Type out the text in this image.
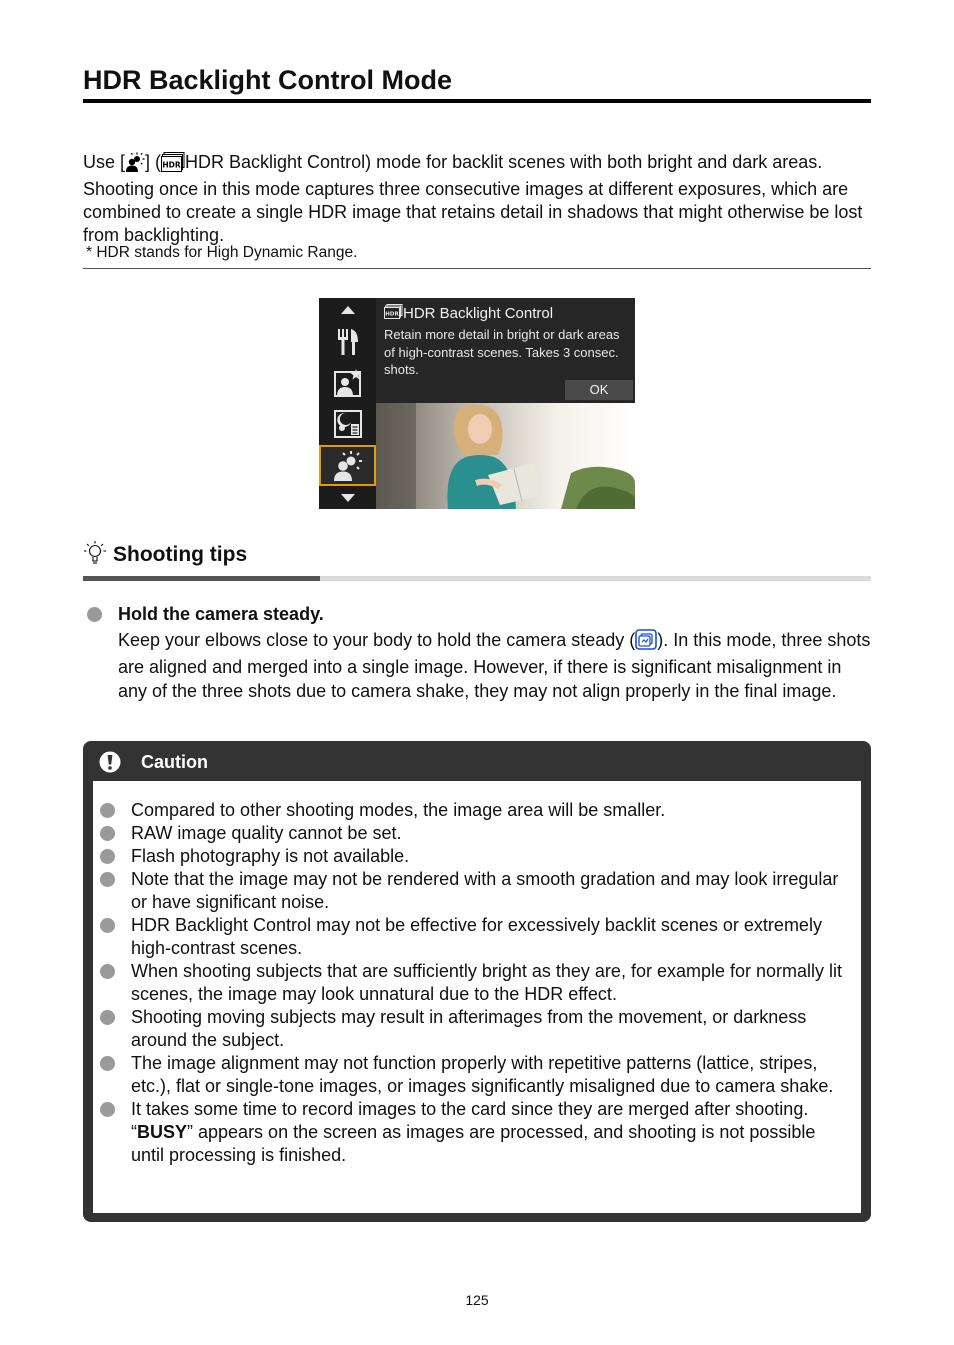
HDR Backlight Control Mode

Use [ ] ( HDR HDR Backlight Control) mode for backlit scenes with both bright and dark areas. Shooting once in this mode captures three consecutive images at different exposures, which are combined to create a single HDR image that retains detail in shadows that might otherwise be lost from backlighting.

* HDR stands for High Dynamic Range.
HDR HDR Backlight Control
Retain more detail in bright or dark areas of high-contrast scenes. Takes 3 consec. shots.
OK
Shooting tips
Hold the camera steady.
Keep your elbows close to your body to hold the camera steady ( ). In this mode, three shots are aligned and merged into a single image. However, if there is significant misalignment in any of the three shots due to camera shake, they may not align properly in the final image.
Caution
Compared to other shooting modes, the image area will be smaller.
RAW image quality cannot be set.
Flash photography is not available.
Note that the image may not be rendered with a smooth gradation and may look irregular or have significant noise.
HDR Backlight Control may not be effective for excessively backlit scenes or extremely high-contrast scenes.
When shooting subjects that are sufficiently bright as they are, for example for normally lit scenes, the image may look unnatural due to the HDR effect.
Shooting moving subjects may result in afterimages from the movement, or darkness around the subject.
The image alignment may not function properly with repetitive patterns (lattice, stripes, etc.), flat or single-tone images, or images significantly misaligned due to camera shake.
It takes some time to record images to the card since they are merged after shooting. “BUSY” appears on the screen as images are processed, and shooting is not possible until processing is finished.
125
